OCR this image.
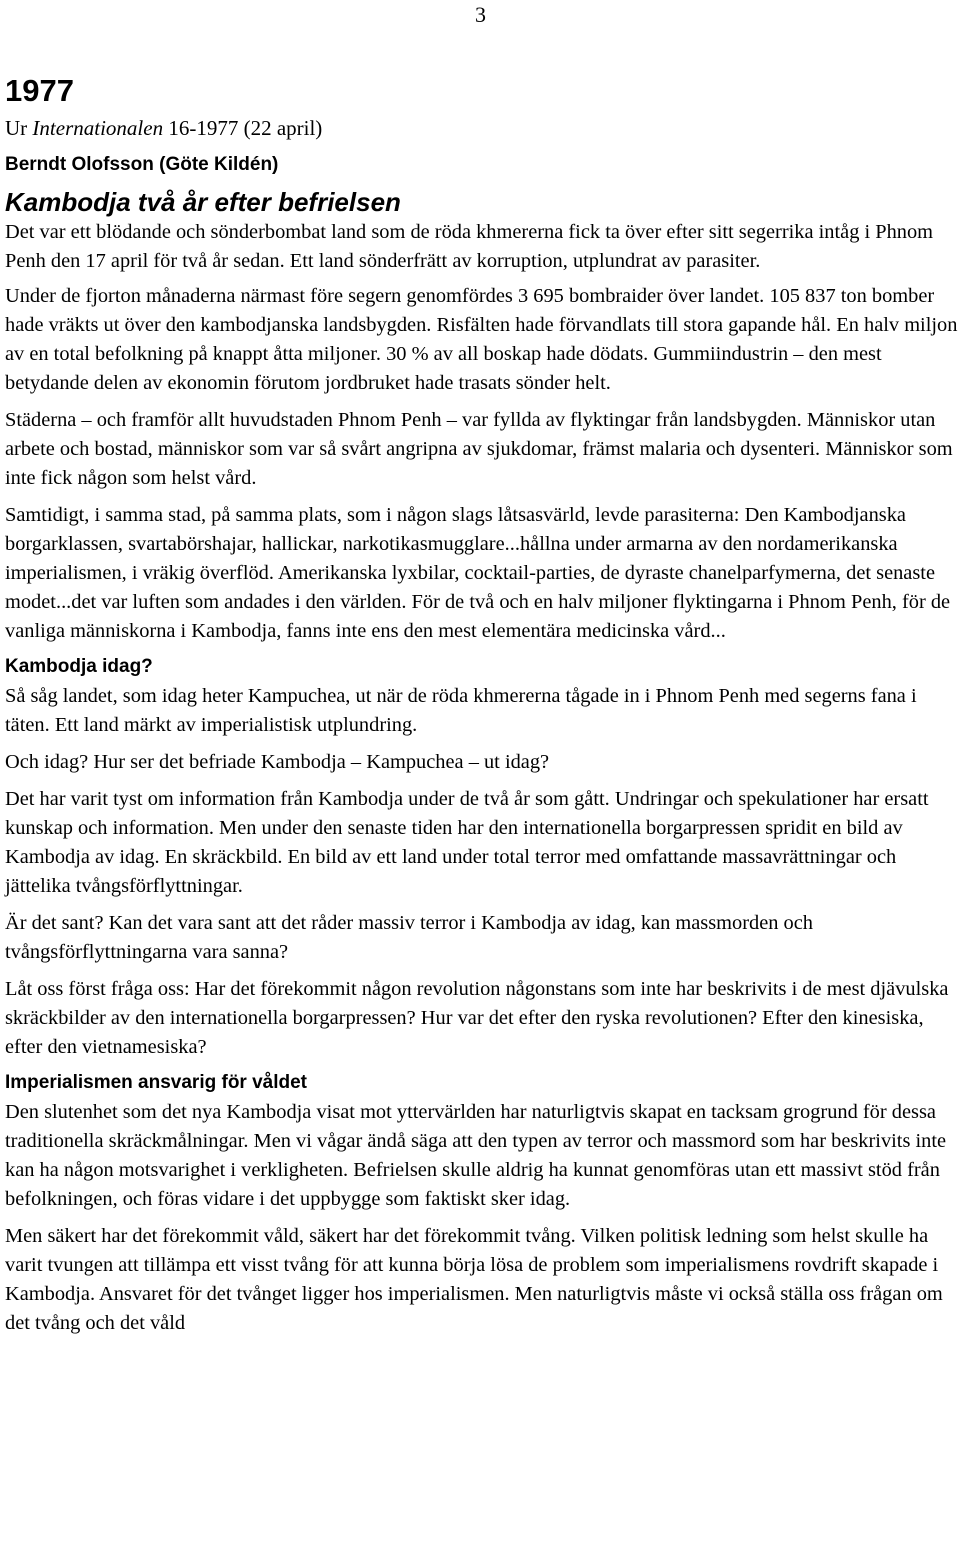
3
1977
Ur Internationalen 16-1977 (22 april)
Berndt Olofsson (Göte Kildén)
Kambodja två år efter befrielsen
Det var ett blödande och sönderbombat land som de röda khmererna fick ta över efter sitt segerrika intåg i Phnom Penh den 17 april för två år sedan. Ett land sönderfrätt av korruption, utplundrat av parasiter.
Under de fjorton månaderna närmast före segern genomfördes 3 695 bombraider över landet. 105 837 ton bomber hade vräkts ut över den kambodjanska landsbygden. Risfälten hade förvandlats till stora gapande hål. En halv miljon av en total befolkning på knappt åtta miljoner. 30 % av all boskap hade dödats. Gummiindustrin – den mest betydande delen av ekonomin förutom jordbruket hade trasats sönder helt.
Städerna – och framför allt huvudstaden Phnom Penh – var fyllda av flyktingar från landsbygden. Människor utan arbete och bostad, människor som var så svårt angripna av sjukdomar, främst malaria och dysenteri. Människor som inte fick någon som helst vård.
Samtidigt, i samma stad, på samma plats, som i någon slags låtsasvärld, levde parasiterna: Den Kambodjanska borgarklassen, svartabörshajar, hallickar, narkotikasmugglare...hållna under armarna av den nordamerikanska imperialismen, i vräkig överflöd. Amerikanska lyxbilar, cocktail-parties, de dyraste chanelparfymerna, det senaste modet...det var luften som andades i den världen. För de två och en halv miljoner flyktingarna i Phnom Penh, för de vanliga människorna i Kambodja, fanns inte ens den mest elementära medicinska vård...
Kambodja idag?
Så såg landet, som idag heter Kampuchea, ut när de röda khmererna tågade in i Phnom Penh med segerns fana i täten. Ett land märkt av imperialistisk utplundring.
Och idag? Hur ser det befriade Kambodja – Kampuchea – ut idag?
Det har varit tyst om information från Kambodja under de två år som gått. Undringar och spekulationer har ersatt kunskap och information. Men under den senaste tiden har den internationella borgarpressen spridit en bild av Kambodja av idag. En skräckbild. En bild av ett land under total terror med omfattande massavrättningar och jättelika tvångsförflyttningar.
Är det sant? Kan det vara sant att det råder massiv terror i Kambodja av idag, kan massmorden och tvångsförflyttningarna vara sanna?
Låt oss först fråga oss: Har det förekommit någon revolution någonstans som inte har beskrivits i de mest djävulska skräckbilder av den internationella borgarpressen? Hur var det efter den ryska revolutionen? Efter den kinesiska, efter den vietnamesiska?
Imperialismen ansvarig för våldet
Den slutenhet som det nya Kambodja visat mot yttervärlden har naturligtvis skapat en tacksam grogrund för dessa traditionella skräckmålningar. Men vi vågar ändå säga att den typen av terror och massmord som har beskrivits inte kan ha någon motsvarighet i verkligheten. Befrielsen skulle aldrig ha kunnat genomföras utan ett massivt stöd från befolkningen, och föras vidare i det uppbygge som faktiskt sker idag.
Men säkert har det förekommit våld, säkert har det förekommit tvång. Vilken politisk ledning som helst skulle ha varit tvungen att tillämpa ett visst tvång för att kunna börja lösa de problem som imperialismens rovdrift skapade i Kambodja. Ansvaret för det tvånget ligger hos imperialismen. Men naturligtvis måste vi också ställa oss frågan om det tvång och det våld
